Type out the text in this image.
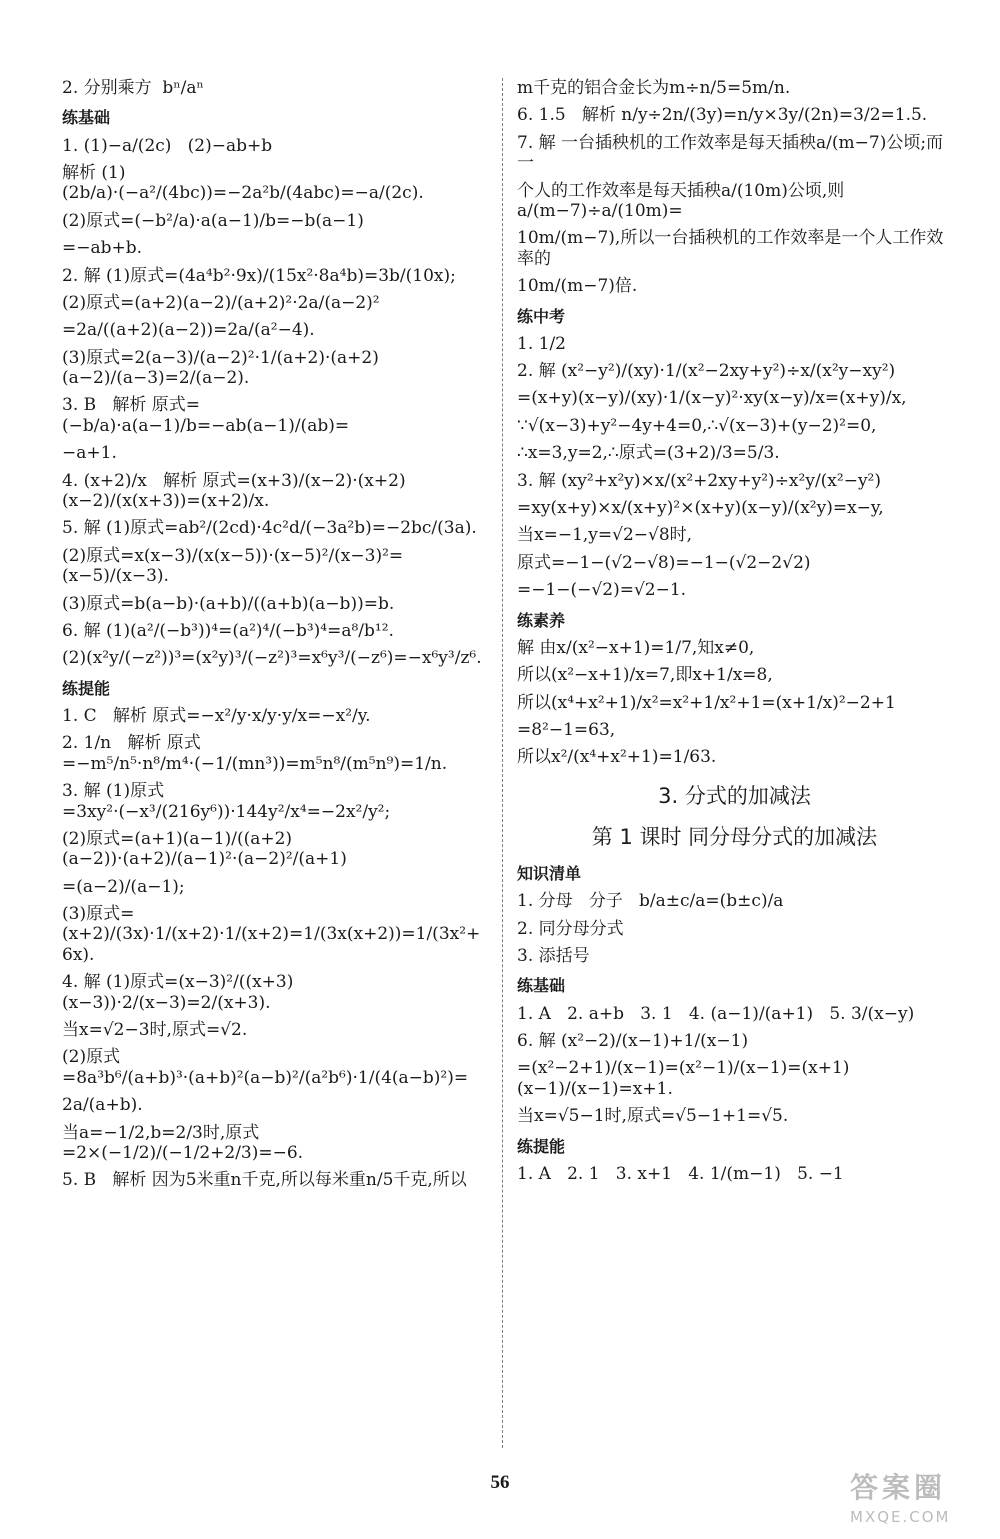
2. 分别乘方  bⁿ/aⁿ
练基础
1. (1)−a/(2c)   (2)−ab+b
解析 (1)(2b/a)·(−a²/(4bc))=−2a²b/(4abc)=−a/(2c).
(2)原式=(−b²/a)·a(a−1)/b=−b(a−1)
=−ab+b.
2. 解 (1)原式=(4a⁴b²·9x)/(15x²·8a⁴b)=3b/(10x);
(2)原式=(a+2)(a−2)/(a+2)²·2a/(a−2)²
=2a/((a+2)(a−2))=2a/(a²−4).
(3)原式=2(a−3)/(a−2)²·1/(a+2)·(a+2)(a−2)/(a−3)=2/(a−2).
3. B   解析 原式=(−b/a)·a(a−1)/b=−ab(a−1)/(ab)=
−a+1.
4. (x+2)/x   解析 原式=(x+3)/(x−2)·(x+2)(x−2)/(x(x+3))=(x+2)/x.
5. 解 (1)原式=ab²/(2cd)·4c²d/(−3a²b)=−2bc/(3a).
(2)原式=x(x−3)/(x(x−5))·(x−5)²/(x−3)²=(x−5)/(x−3).
(3)原式=b(a−b)·(a+b)/((a+b)(a−b))=b.
6. 解 (1)(a²/(−b³))⁴=(a²)⁴/(−b³)⁴=a⁸/b¹².
(2)(x²y/(−z²))³=(x²y)³/(−z²)³=x⁶y³/(−z⁶)=−x⁶y³/z⁶.
练提能
1. C   解析 原式=−x²/y·x/y·y/x=−x²/y.
2. 1/n   解析 原式=−m⁵/n⁵·n⁸/m⁴·(−1/(mn³))=m⁵n⁸/(m⁵n⁹)=1/n.
3. 解 (1)原式=3xy²·(−x³/(216y⁶))·144y²/x⁴=−2x²/y²;
(2)原式=(a+1)(a−1)/((a+2)(a−2))·(a+2)/(a−1)²·(a−2)²/(a+1)
=(a−2)/(a−1);
(3)原式=(x+2)/(3x)·1/(x+2)·1/(x+2)=1/(3x(x+2))=1/(3x²+6x).
4. 解 (1)原式=(x−3)²/((x+3)(x−3))·2/(x−3)=2/(x+3).
当x=√2−3时,原式=√2.
(2)原式=8a³b⁶/(a+b)³·(a+b)²(a−b)²/(a²b⁶)·1/(4(a−b)²)=
2a/(a+b).
当a=−1/2,b=2/3时,原式=2×(−1/2)/(−1/2+2/3)=−6.
5. B   解析 因为5米重n千克,所以每米重n/5千克,所以
m千克的铝合金长为m÷n/5=5m/n.
6. 1.5   解析 n/y÷2n/(3y)=n/y×3y/(2n)=3/2=1.5.
7. 解 一台插秧机的工作效率是每天插秧a/(m−7)公顷;而一
个人的工作效率是每天插秧a/(10m)公顷,则a/(m−7)÷a/(10m)=
10m/(m−7),所以一台插秧机的工作效率是一个人工作效率的
10m/(m−7)倍.
练中考
1. 1/2
2. 解 (x²−y²)/(xy)·1/(x²−2xy+y²)÷x/(x²y−xy²)
=(x+y)(x−y)/(xy)·1/(x−y)²·xy(x−y)/x=(x+y)/x,
∵√(x−3)+y²−4y+4=0,∴√(x−3)+(y−2)²=0,
∴x=3,y=2,∴原式=(3+2)/3=5/3.
3. 解 (xy²+x²y)×x/(x²+2xy+y²)÷x²y/(x²−y²)
=xy(x+y)×x/(x+y)²×(x+y)(x−y)/(x²y)=x−y,
当x=−1,y=√2−√8时,
原式=−1−(√2−√8)=−1−(√2−2√2)
=−1−(−√2)=√2−1.
练素养
解 由x/(x²−x+1)=1/7,知x≠0,
所以(x²−x+1)/x=7,即x+1/x=8,
所以(x⁴+x²+1)/x²=x²+1/x²+1=(x+1/x)²−2+1
=8²−1=63,
所以x²/(x⁴+x²+1)=1/63.
3. 分式的加减法
第 1 课时 同分母分式的加减法
知识清单
1. 分母   分子   b/a±c/a=(b±c)/a
2. 同分母分式
3. 添括号
练基础
1. A   2. a+b   3. 1   4. (a−1)/(a+1)   5. 3/(x−y)
6. 解 (x²−2)/(x−1)+1/(x−1)
=(x²−2+1)/(x−1)=(x²−1)/(x−1)=(x+1)(x−1)/(x−1)=x+1.
当x=√5−1时,原式=√5−1+1=√5.
练提能
1. A   2. 1   3. x+1   4. 1/(m−1)   5. −1
56	答案圈
MXQE.COM
